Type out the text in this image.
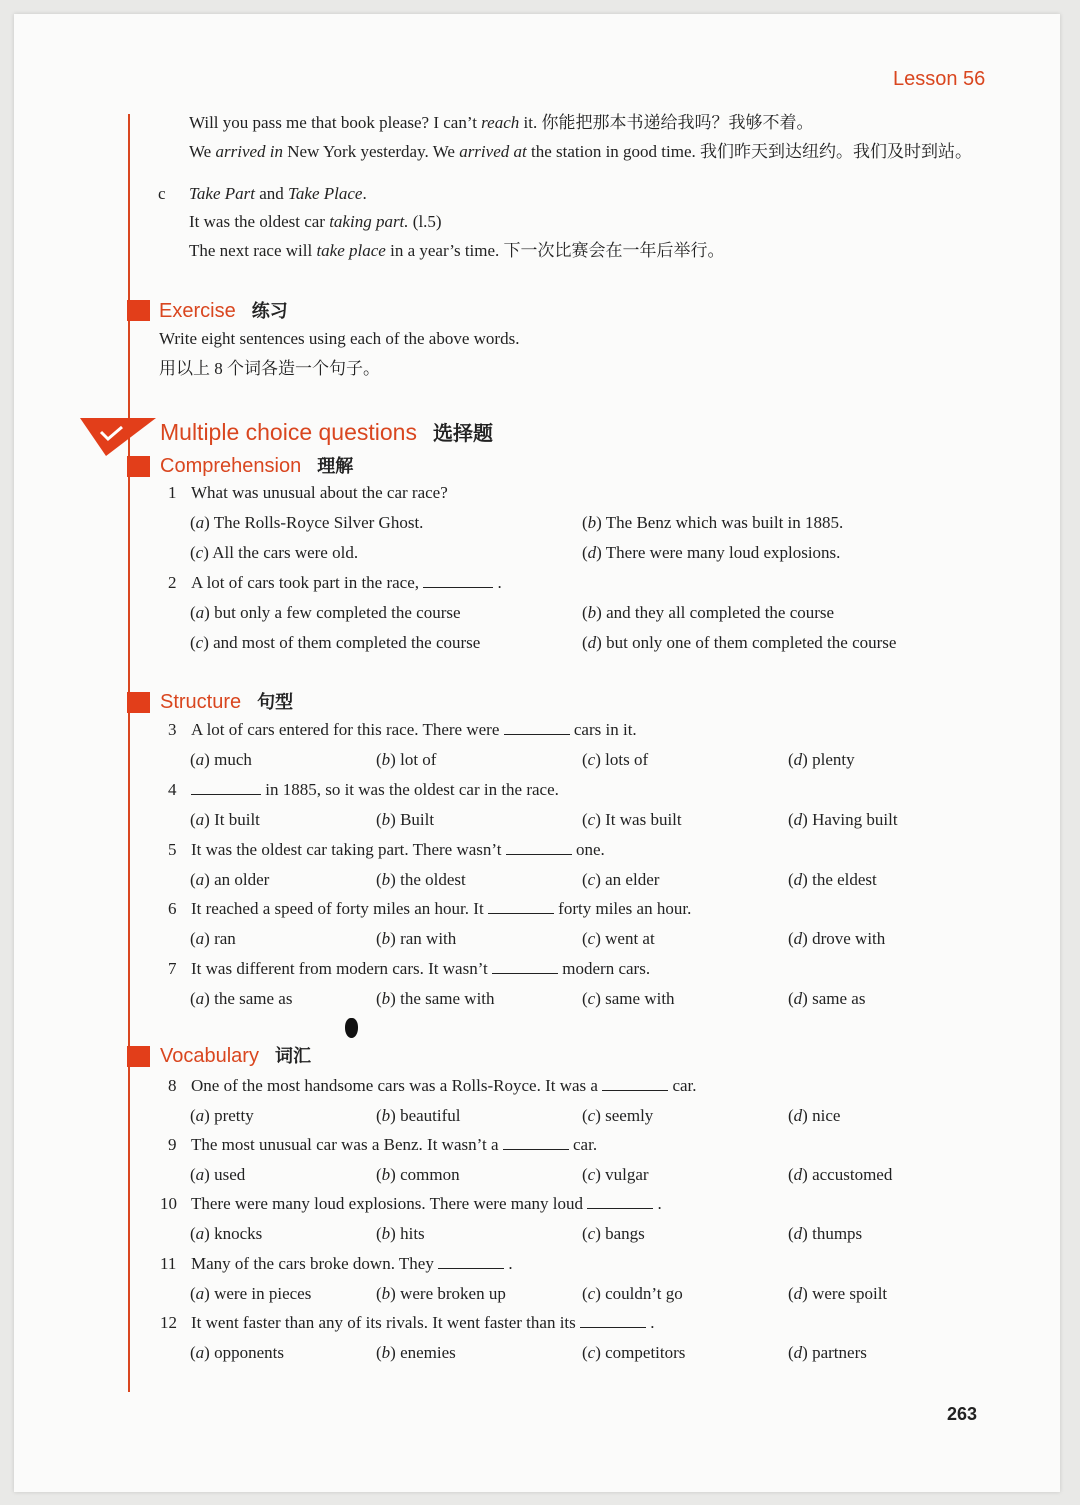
Lesson 56
Will you pass me that book please? I can’t reach it. 你能把那本书递给我吗？我够不着。
We arrived in New York yesterday. We arrived at the station in good time. 我们昨天到达纽约。我们及时到站。
c Take Part and Take Place.
It was the oldest car taking part. (l.5)
The next race will take place in a year’s time. 下一次比赛会在一年后举行。
Exercise 练习
Write eight sentences using each of the above words.
用以上 8 个词各造一个句子。
Multiple choice questions 选择题
Comprehension 理解
Structure 句型
Vocabulary 词汇
1 What was unusual about the car race?
(a) The Rolls-Royce Silver Ghost.	(b) The Benz which was built in 1885.
(c) All the cars were old.	(d) There were many loud explosions.
2 A lot of cars took part in the race,	.
(a) but only a few completed the course	(b) and they all completed the course
(c) and most of them completed the course	(d) but only one of them completed the course
3 A lot of cars entered for this race. There were	cars in it.
(a) much	(b) lot of	(c) lots of	(d) plenty
4	in 1885, so it was the oldest car in the race.
(a) It built	(b) Built	(c) It was built	(d) Having built
5 It was the oldest car taking part. There wasn’t	one.
(a) an older	(b) the oldest	(c) an elder	(d) the eldest
6 It reached a speed of forty miles an hour. It	forty miles an hour.
(a) ran	(b) ran with	(c) went at	(d) drove with
7 It was different from modern cars. It wasn’t	modern cars.
(a) the same as	(b) the same with	(c) same with	(d) same as
8 One of the most handsome cars was a Rolls-Royce. It was a	car.
(a) pretty	(b) beautiful	(c) seemly	(d) nice
9 The most unusual car was a Benz. It wasn’t a	car.
(a) used	(b) common	(c) vulgar	(d) accustomed
10 There were many loud explosions. There were many loud	.
(a) knocks	(b) hits	(c) bangs	(d) thumps
11 Many of the cars broke down. They	.
(a) were in pieces	(b) were broken up	(c) couldn’t go	(d) were spoilt
12 It went faster than any of its rivals. It went faster than its	.
(a) opponents	(b) enemies	(c) competitors	(d) partners
263
